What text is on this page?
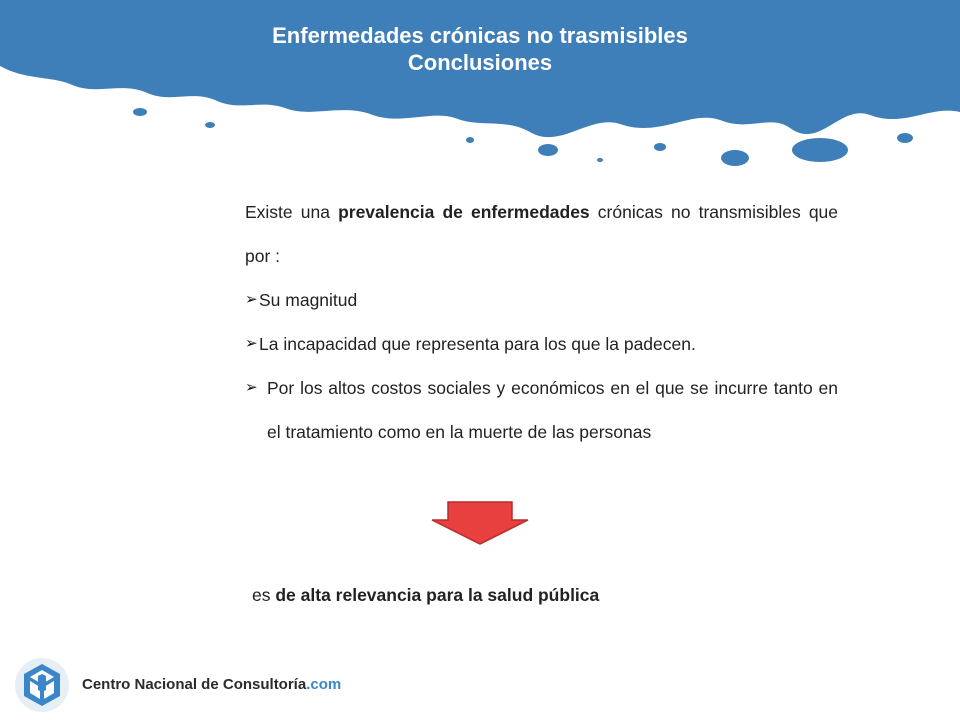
Enfermedades crónicas no trasmisibles
Conclusiones
Existe una prevalencia de enfermedades crónicas no transmisibles que por :
➢ Su magnitud
➢ La incapacidad que representa para los que la padecen.
➢ Por los altos costos sociales y económicos en el que se incurre tanto en el tratamiento como en la muerte de las personas
es de alta relevancia para la salud pública
Centro Nacional de Consultoría.com
